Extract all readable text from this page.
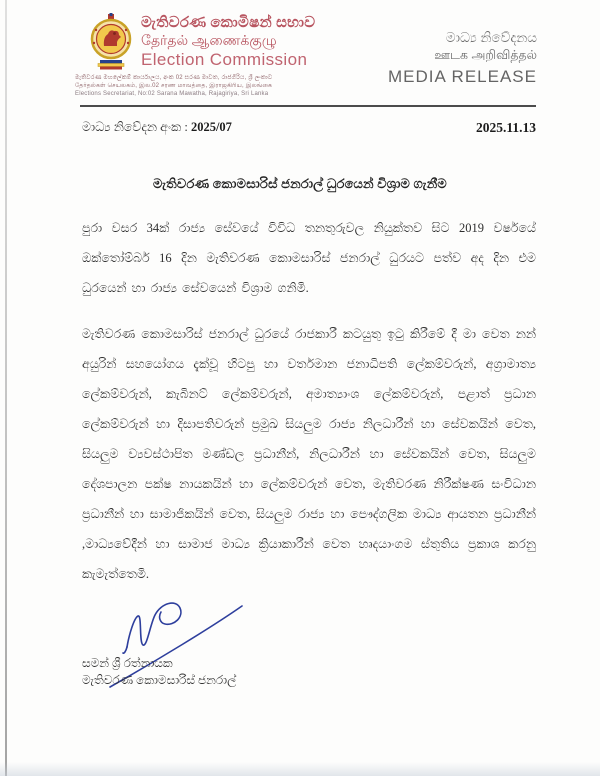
මැතිවරණ කොමිෂන් සභාව
தேர்தல் ஆணைக்குழு
Election Commission
මැතිවරණ මහලේකම් කාර්යාලය, අංක 02 සරණ මාවත, රාජගිරිය, ශ්‍රී ලංකාව
தேர்தல்கள் செயலகம், இல.02 சரண மாவத்தை, இராஜகிரிய, இலங்கை
Elections Secretariat, No:02 Sarana Mawatha, Rajagiriya, Sri Lanka
මාධ්‍ය නිවේදනය
ஊடக அறிவித்தல்
MEDIA RELEASE
මාධ්‍ය නිවේදන අංක : 2025/07	2025.11.13
මැතිවරණ කොමසාරිස් ජනරාල් ධුරයෙන් විශ්‍රාම ගැනීම

පුරා වසර 34ක් රාජ්‍ය සේවයේ විවිධ තනතුරුවල නියුක්තව සිට 2019 වර්ෂයේ ඔක්තෝම්බර් 16 දින මැතිවරණ කොමසාරිස් ජනරාල් ධුරයට පත්ව අද දින එම ධුරයෙන් හා රාජ්‍ය සේවයෙන් විශ්‍රාම ගනිමි.

මැතිවරණ කොමසාරිස් ජනරාල් ධුරයේ රාජකාරී කටයුතු ඉටු කිරීමේ දී මා වෙත නන් අයුරින් සහයෝගය දැක්වූ හිටපු හා වර්තමාන ජනාධිපති ලේකම්වරුන්, අග්‍රාමාත්‍ය ලේකම්වරුන්, කැබිනට් ලේකම්වරුන්, අමාත්‍යාංශ ලේකම්වරුන්, පළාත් ප්‍රධාන ලේකම්වරුන් හා දිසාපතිවරුන් ප්‍රමුඛ සියලුම රාජ්‍ය නිලධාරීන් හා සේවකයින් වෙත, සියලුම ව්‍යවස්ථාපිත මණ්ඩල ප්‍රධානීන්, නිලධාරීන් හා සේවකයින් වෙත, සියලුම දේශපාලන පක්ෂ නායකයින් හා ලේකම්වරුන් වෙත, මැතිවරණ නිරීක්ෂණ සංවිධාන ප්‍රධානීන් හා සාමාජිකයින් වෙත, සියලුම රාජ්‍ය හා පෞද්ගලික මාධ්‍ය ආයතන ප්‍රධානීන් ,මාධ්‍යවේදීන් හා සාමාජ මාධ්‍ය ක්‍රියාකාරීන් වෙත හෘදයාංගම ස්තුතිය ප්‍රකාශ කරනු කැමැත්තෙමි.

සමන් ශ්‍රී රත්නායක
මැතිවරණ කොමසාරිස් ජනරාල්
